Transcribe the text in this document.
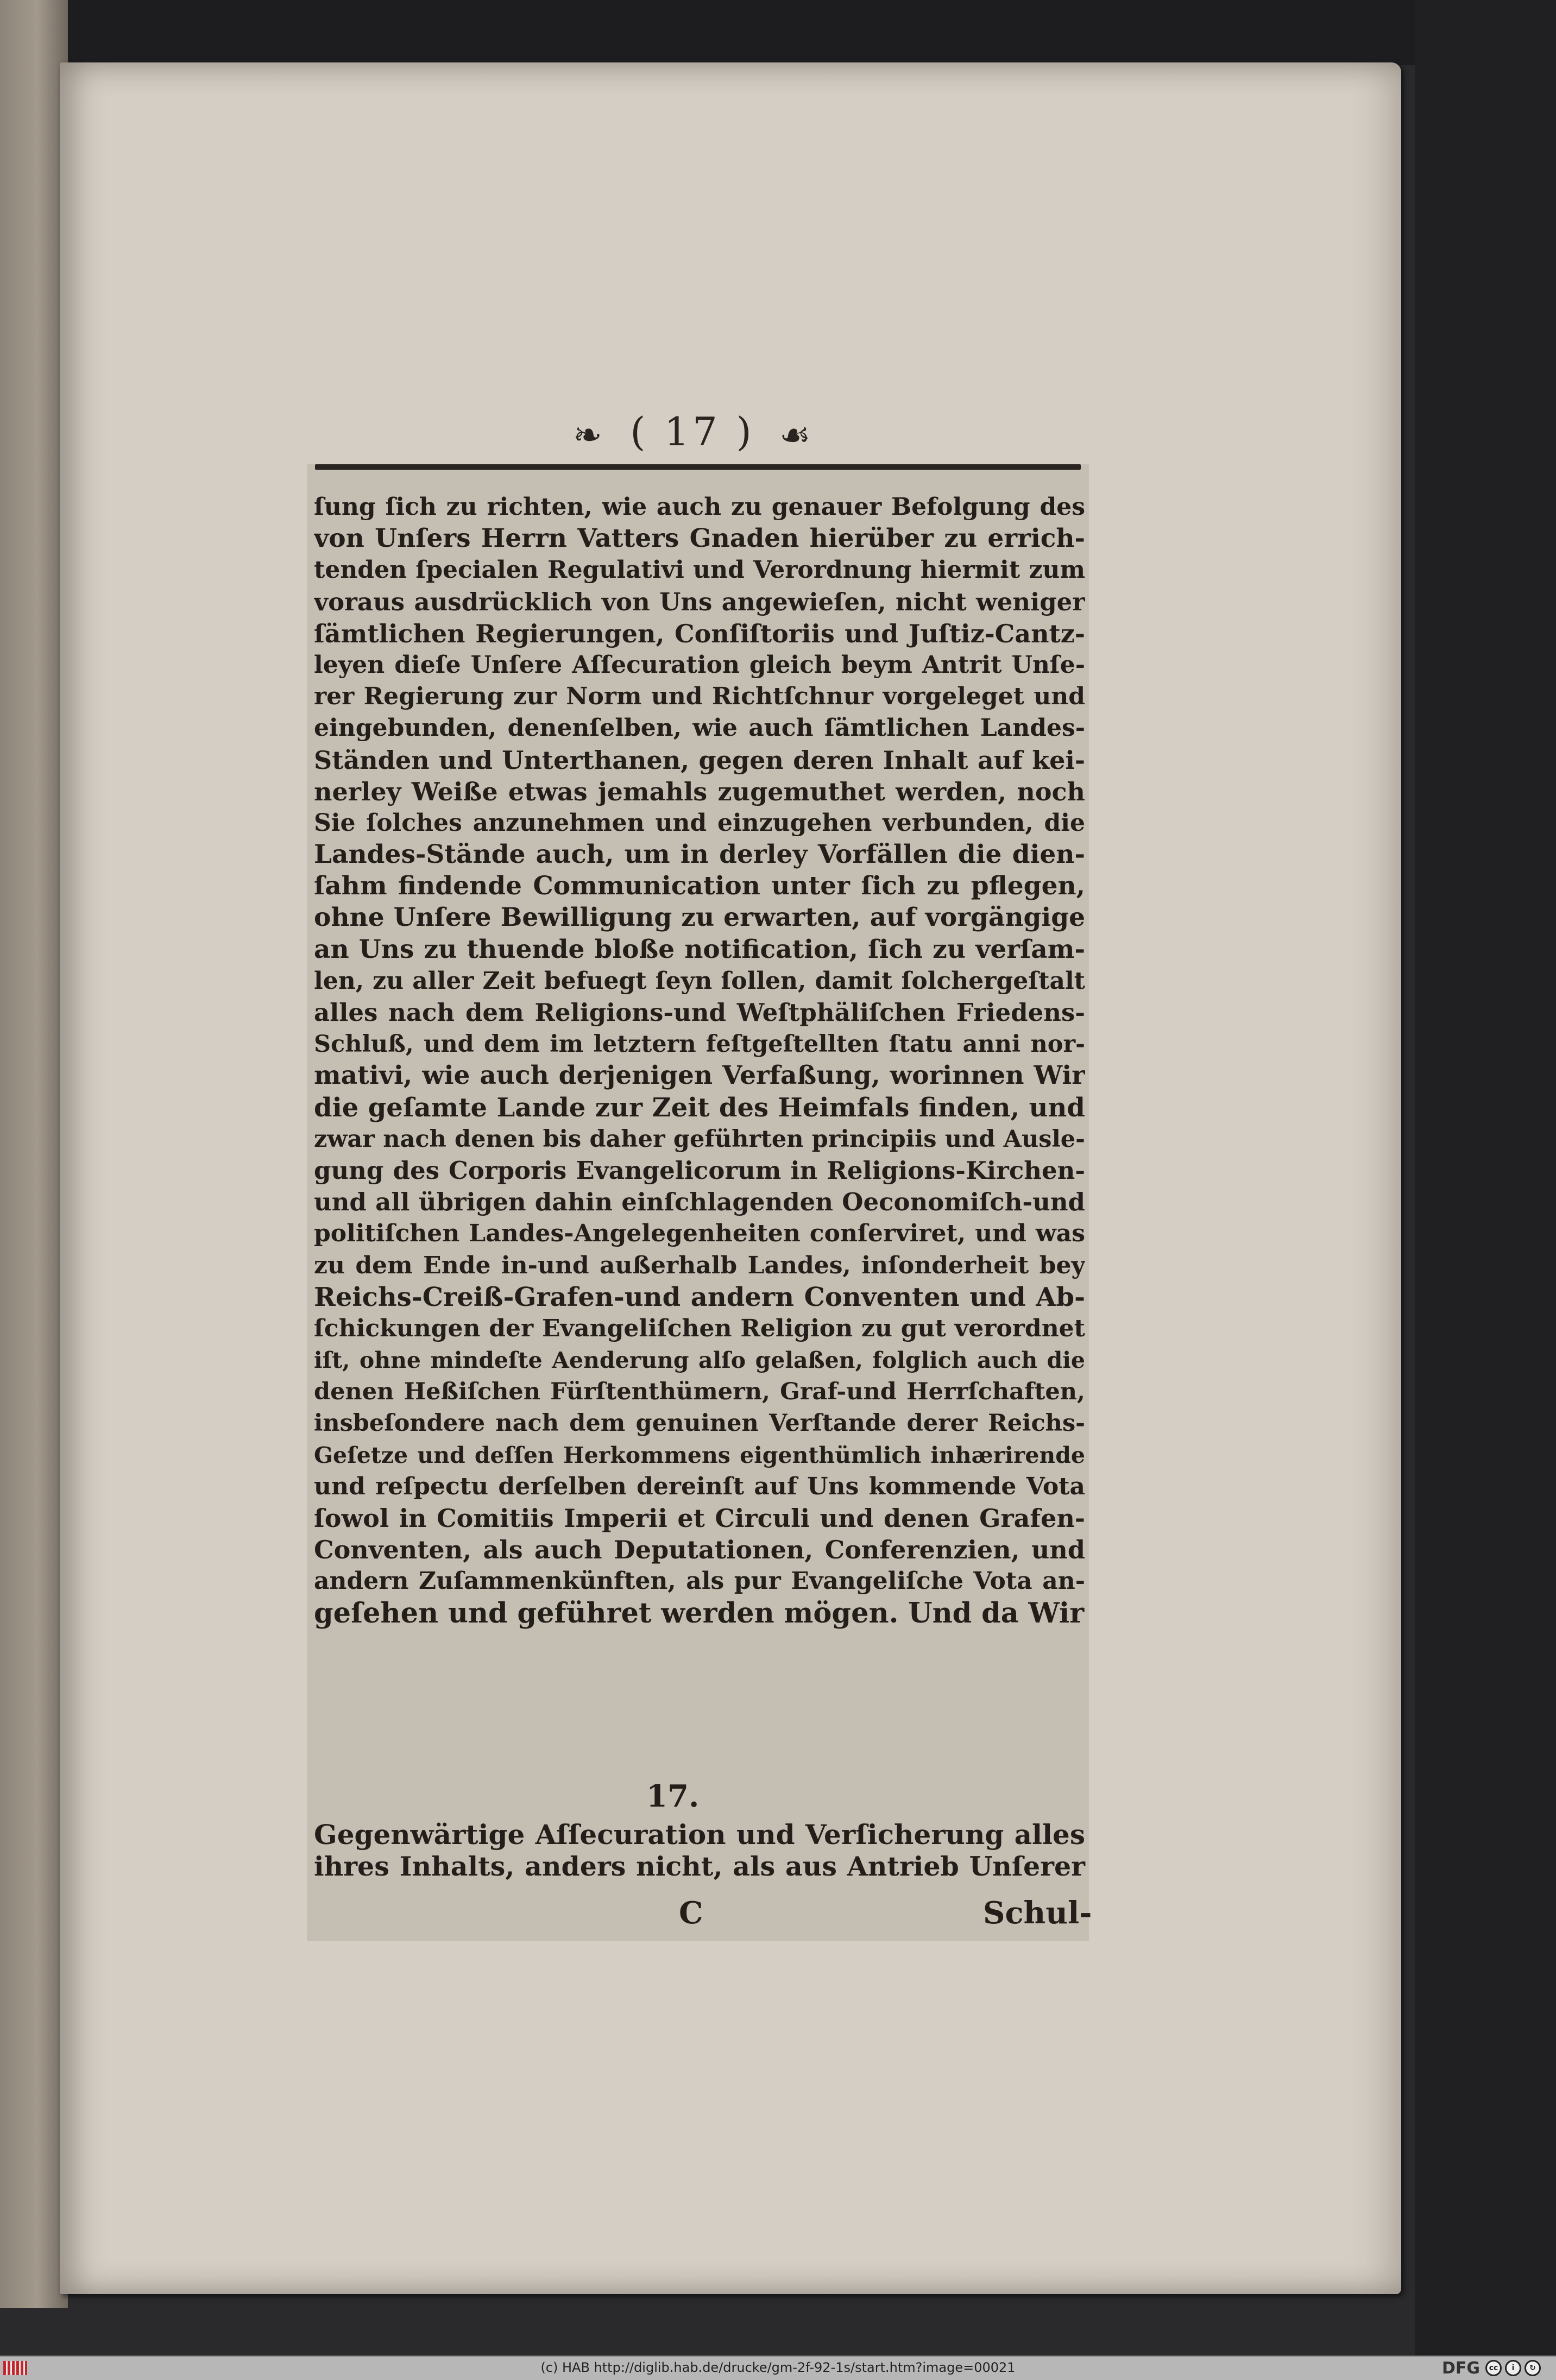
❧ ( 17 ) ☙
ſung ſich zu richten, wie auch zu genauer Befolgung des
von Unſers Herrn Vatters Gnaden hierüber zu errich-
tenden ſpecialen Regulativi und Verordnung hiermit zum
voraus ausdrücklich von Uns angewieſen, nicht weniger
ſämtlichen Regierungen, Conſiſtoriis und Juſtiz-Cantz-
leyen dieſe Unſere Aſſecuration gleich beym Antrit Unſe-
rer Regierung zur Norm und Richtſchnur vorgeleget und
eingebunden, denenſelben, wie auch ſämtlichen Landes-
Ständen und Unterthanen, gegen deren Inhalt auf kei-
nerley Weiße etwas jemahls zugemuthet werden, noch
Sie ſolches anzunehmen und einzugehen verbunden, die
Landes-Stände auch, um in derley Vorfällen die dien-
ſahm findende Communication unter ſich zu pflegen,
ohne Unſere Bewilligung zu erwarten, auf vorgängige
an Uns zu thuende bloße notification, ſich zu verſam-
len, zu aller Zeit befuegt ſeyn ſollen, damit ſolchergeſtalt
alles nach dem Religions-und Weſtphäliſchen Friedens-
Schluß, und dem im letztern feſtgeſtellten ſtatu anni nor-
mativi, wie auch derjenigen Verfaßung, worinnen Wir
die geſamte Lande zur Zeit des Heimfals finden, und
zwar nach denen bis daher geführten principiis und Ausle-
gung des Corporis Evangelicorum in Religions-Kirchen-
und all übrigen dahin einſchlagenden Oeconomiſch-und
politiſchen Landes-Angelegenheiten conſerviret, und was
zu dem Ende in-und außerhalb Landes, inſonderheit bey
Reichs-Creiß-Grafen-und andern Conventen und Ab-
ſchickungen der Evangeliſchen Religion zu gut verordnet
iſt, ohne mindeſte Aenderung alſo gelaßen, folglich auch die
denen Heßiſchen Fürſtenthümern, Graf-und Herrſchaften,
insbeſondere nach dem genuinen Verſtande derer Reichs-
Geſetze und deſſen Herkommens eigenthümlich inhærirende
und reſpectu derſelben dereinſt auf Uns kommende Vota
ſowol in Comitiis Imperii et Circuli und denen Grafen-
Conventen, als auch Deputationen, Conferenzien, und
andern Zuſammenkünften, als pur Evangeliſche Vota an-
geſehen und geführet werden mögen. Und da Wir
17.
Gegenwärtige Aſſecuration und Verſicherung alles
ihres Inhalts, anders nicht, als aus Antrieb Unſerer
C	Schul-
(c) HAB http://diglib.hab.de/drucke/gm-2f-92-1s/start.htm?image=00021	DFG	cc	i	↻
